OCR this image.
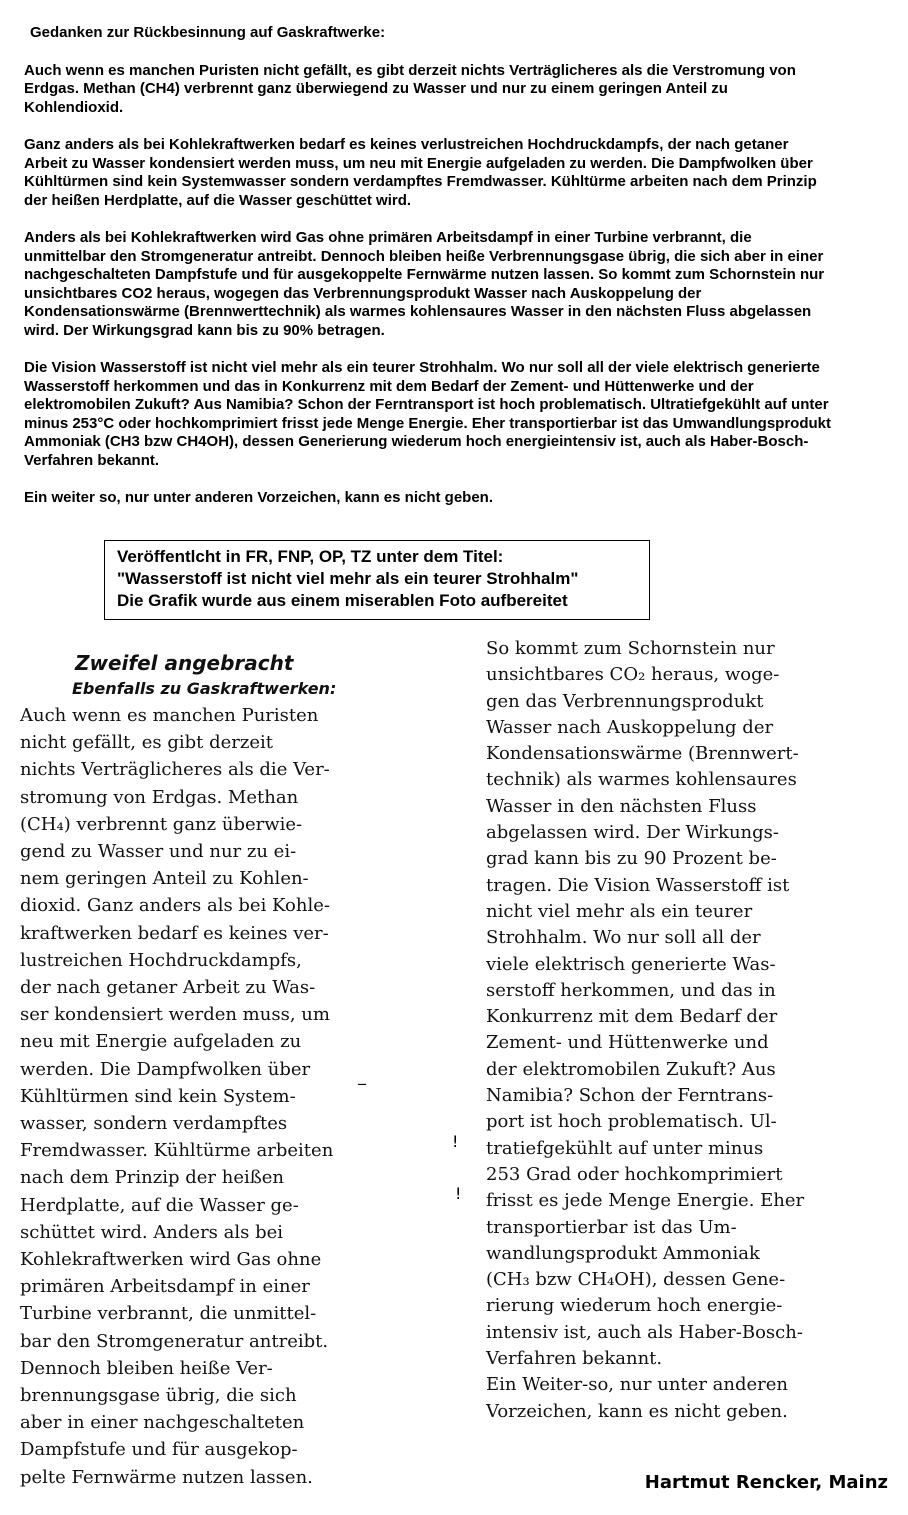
Gedanken zur Rückbesinnung auf Gaskraftwerke:

Auch wenn es manchen Puristen nicht gefällt, es gibt derzeit nichts Verträglicheres als die Verstromung von
Erdgas. Methan (CH4) verbrennt ganz überwiegend zu Wasser und nur zu einem geringen Anteil zu
Kohlendioxid.

Ganz anders als bei Kohlekraftwerken bedarf es keines verlustreichen Hochdruckdampfs, der nach getaner
Arbeit zu Wasser kondensiert werden muss, um neu mit Energie aufgeladen zu werden. Die Dampfwolken über
Kühltürmen sind kein Systemwasser sondern verdampftes Fremdwasser. Kühltürme arbeiten nach dem Prinzip
der heißen Herdplatte, auf die Wasser geschüttet wird.

Anders als bei Kohlekraftwerken wird Gas ohne primären Arbeitsdampf in einer Turbine verbrannt, die
unmittelbar den Stromgeneratur antreibt. Dennoch bleiben heiße Verbrennungsgase übrig, die sich aber in einer
nachgeschalteten Dampfstufe und für ausgekoppelte Fernwärme nutzen lassen. So kommt zum Schornstein nur
unsichtbares CO2 heraus, wogegen das Verbrennungsprodukt Wasser nach Auskoppelung der
Kondensationswärme (Brennwerttechnik) als warmes kohlensaures Wasser in den nächsten Fluss abgelassen
wird. Der Wirkungsgrad kann bis zu 90% betragen.

Die Vision Wasserstoff ist nicht viel mehr als ein teurer Strohhalm. Wo nur soll all der viele elektrisch generierte
Wasserstoff herkommen und das in Konkurrenz mit dem Bedarf der Zement- und Hüttenwerke und der
elektromobilen Zukuft? Aus Namibia? Schon der Ferntransport ist hoch problematisch. Ultratiefgekühlt auf unter
minus 253°C oder hochkomprimiert frisst jede Menge Energie. Eher transportierbar ist das Umwandlungsprodukt
Ammoniak (CH3 bzw CH4OH), dessen Generierung wiederum hoch energieintensiv ist, auch als Haber-Bosch-
Verfahren bekannt.

Ein weiter so, nur unter anderen Vorzeichen, kann es nicht geben.

Veröffentlcht in FR, FNP, OP, TZ unter dem Titel:
"Wasserstoff ist nicht viel mehr als ein teurer Strohhalm"
Die Grafik wurde aus einem miserablen Foto aufbereitet
Zweifel angebracht
Ebenfalls zu Gaskraftwerken:
Auch wenn es manchen Puristen
nicht gefällt, es gibt derzeit
nichts Verträglicheres als die Ver-
stromung von Erdgas. Methan
(CH₄) verbrennt ganz überwie-
gend zu Wasser und nur zu ei-
nem geringen Anteil zu Kohlen-
dioxid. Ganz anders als bei Kohle-
kraftwerken bedarf es keines ver-
lustreichen Hochdruckdampfs,
der nach getaner Arbeit zu Was-
ser kondensiert werden muss, um
neu mit Energie aufgeladen zu
werden. Die Dampfwolken über
Kühltürmen sind kein System-
wasser, sondern verdampftes
Fremdwasser. Kühltürme arbeiten
nach dem Prinzip der heißen
Herdplatte, auf die Wasser ge-
schüttet wird. Anders als bei
Kohlekraftwerken wird Gas ohne
primären Arbeitsdampf in einer
Turbine verbrannt, die unmittel-
bar den Stromgeneratur antreibt.
Dennoch bleiben heiße Ver-
brennungsgase übrig, die sich
aber in einer nachgeschalteten
Dampfstufe und für ausgekop-
pelte Fernwärme nutzen lassen.
So kommt zum Schornstein nur
unsichtbares CO₂ heraus, woge-
gen das Verbrennungsprodukt
Wasser nach Auskoppelung der
Kondensationswärme (Brennwert-
technik) als warmes kohlensaures
Wasser in den nächsten Fluss
abgelassen wird. Der Wirkungs-
grad kann bis zu 90 Prozent be-
tragen. Die Vision Wasserstoff ist
nicht viel mehr als ein teurer
Strohhalm. Wo nur soll all der
viele elektrisch generierte Was-
serstoff herkommen, und das in
Konkurrenz mit dem Bedarf der
Zement- und Hüttenwerke und
der elektromobilen Zukuft? Aus
Namibia? Schon der Ferntrans-
port ist hoch problematisch. Ul-
tratiefgekühlt auf unter minus
253 Grad oder hochkomprimiert
frisst es jede Menge Energie. Eher
transportierbar ist das Um-
wandlungsprodukt Ammoniak
(CH₃ bzw CH₄OH), dessen Gene-
rierung wiederum hoch energie-
intensiv ist, auch als Haber-Bosch-
Verfahren bekannt.
Ein Weiter-so, nur unter anderen
Vorzeichen, kann es nicht geben.
!
!
_
Hartmut Rencker, Mainz
